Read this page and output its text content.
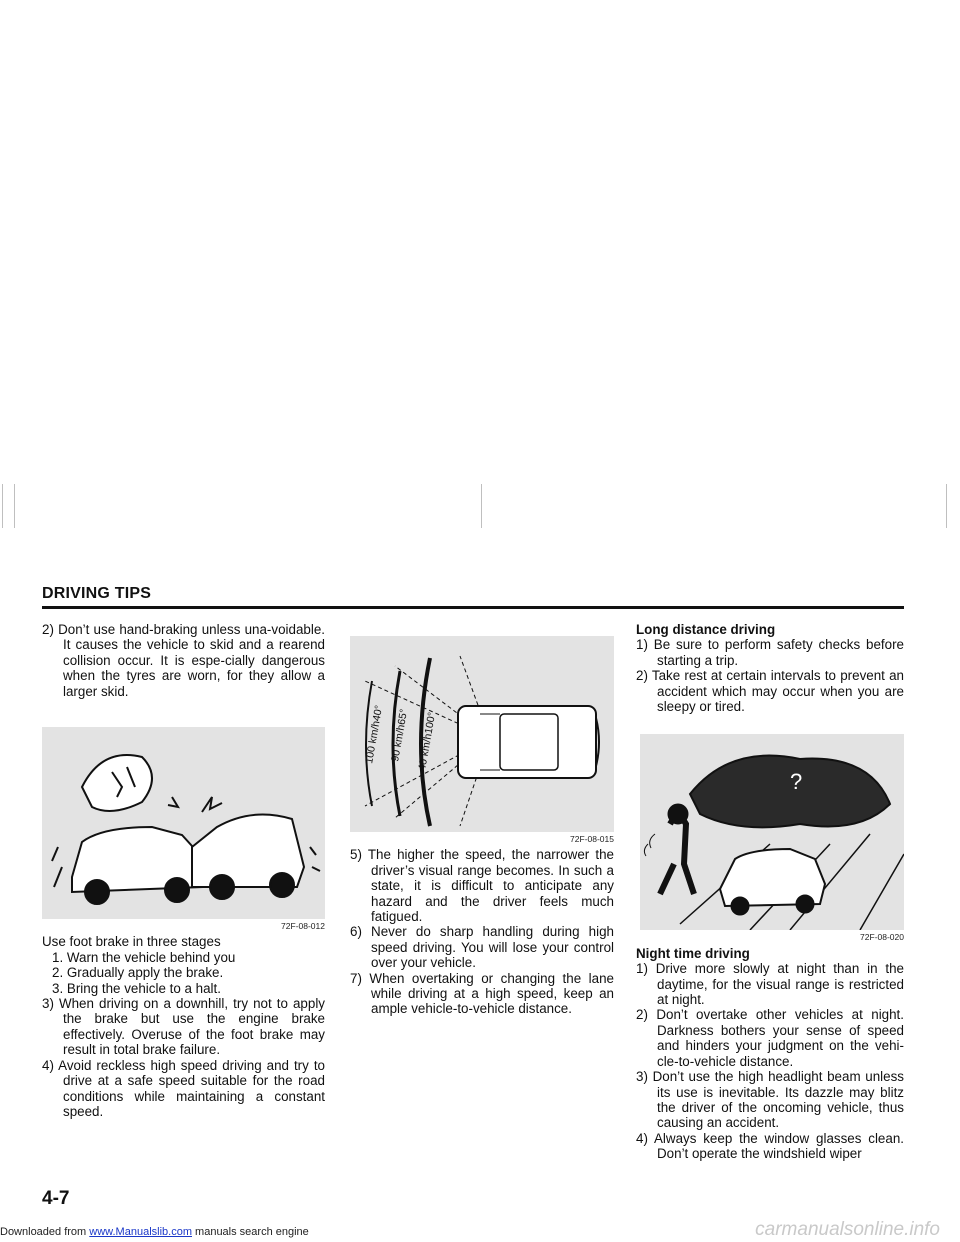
DRIVING TIPS

2) Don’t use hand-braking unless una-voidable. It causes the vehicle to skid and a rearend collision occur. It is espe-cially dangerous when the tyres are worn, for they allow a larger skid.

72F-08-012

Use foot brake in three stages

1. Warn the vehicle behind you

2. Gradually apply the brake.

3. Bring the vehicle to a halt.

3) When driving on a downhill, try not to apply the brake but use the engine brake effectively. Overuse of the foot brake may result in total brake failure.

4) Avoid reckless high speed driving and try to drive at a safe speed suitable for the road conditions while maintaining a constant speed.

100 km/h40° 90 km/h65° 40 km/h100°
72F-08-015

5) The higher the speed, the narrower the driver’s visual range becomes. In such a state, it is difficult to anticipate any hazard and the driver feels much fatigued.

6) Never do sharp handling during high speed driving. You will lose your control over your vehicle.

7) When overtaking or changing the lane while driving at a high speed, keep an ample vehicle-to-vehicle distance.

Long distance driving

1) Be sure to perform safety checks before starting a trip.

2) Take rest at certain intervals to prevent an accident which may occur when you are sleepy or tired.

?
72F-08-020

Night time driving

1) Drive more slowly at night than in the daytime, for the visual range is restricted at night.

2) Don’t overtake other vehicles at night. Darkness bothers your sense of speed and hinders your judgment on the vehi-cle-to-vehicle distance.

3) Don’t use the high headlight beam unless its use is inevitable. Its dazzle may blitz the driver of the oncoming vehicle, thus causing an accident.

4) Always keep the window glasses clean. Don’t operate the windshield wiper

4-7
Downloaded from www.Manualslib.com manuals search engine	carmanualsonline.info
